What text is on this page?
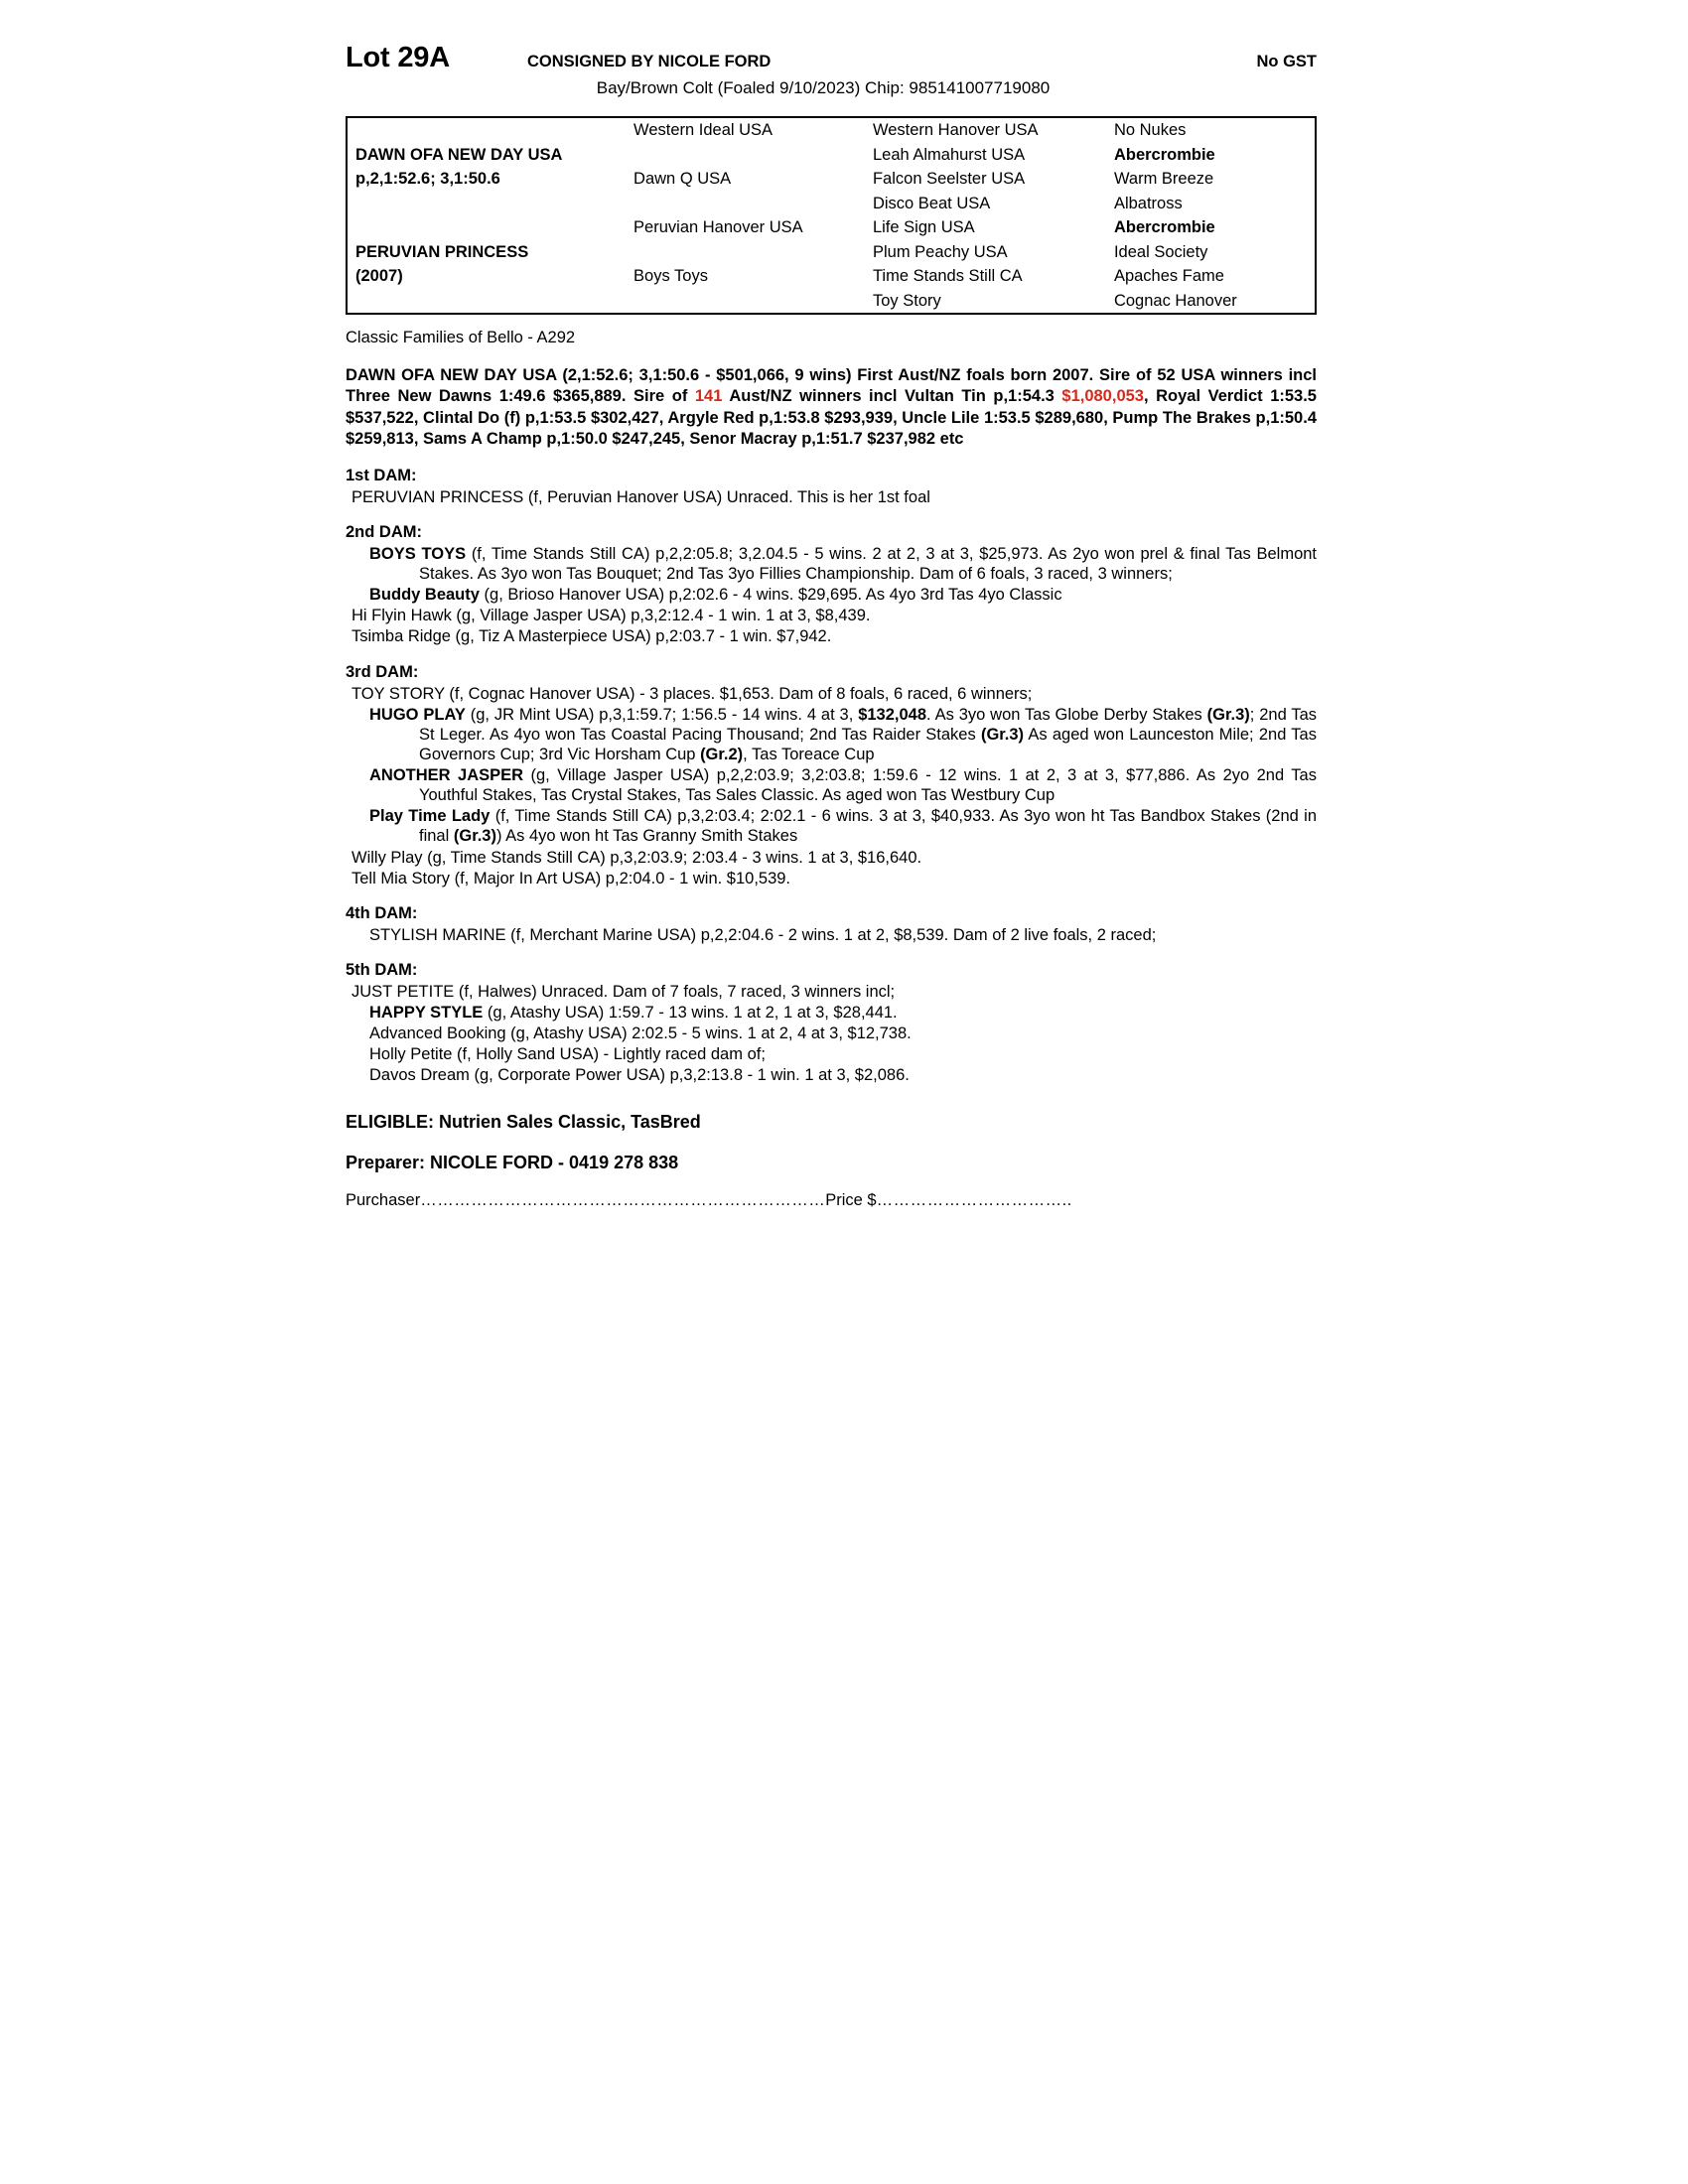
Lot 29A	CONSIGNED BY NICOLE FORD	No GST
Bay/Brown Colt (Foaled 9/10/2023) Chip: 985141007719080
	Western Ideal USA	Western Hanover USA	No Nukes
DAWN OFA NEW DAY USA		Leah Almahurst USA	Abercrombie
p,2,1:52.6; 3,1:50.6	Dawn Q USA	Falcon Seelster USA	Warm Breeze
		Disco Beat USA	Albatross
	Peruvian Hanover USA	Life Sign USA	Abercrombie
PERUVIAN PRINCESS		Plum Peachy USA	Ideal Society
(2007)	Boys Toys	Time Stands Still CA	Apaches Fame
		Toy Story	Cognac Hanover
Classic Families of Bello - A292
DAWN OFA NEW DAY USA (2,1:52.6; 3,1:50.6 - $501,066, 9 wins) First Aust/NZ foals born 2007. Sire of 52 USA winners incl Three New Dawns 1:49.6 $365,889. Sire of 141 Aust/NZ winners incl Vultan Tin p,1:54.3 $1,080,053, Royal Verdict 1:53.5 $537,522, Clintal Do (f) p,1:53.5 $302,427, Argyle Red p,1:53.8 $293,939, Uncle Lile 1:53.5 $289,680, Pump The Brakes p,1:50.4 $259,813, Sams A Champ p,1:50.0 $247,245, Senor Macray p,1:51.7 $237,982 etc
1st DAM:
PERUVIAN PRINCESS (f, Peruvian Hanover USA) Unraced. This is her 1st foal
2nd DAM:
BOYS TOYS (f, Time Stands Still CA) p,2,2:05.8; 3,2.04.5 - 5 wins. 2 at 2, 3 at 3, $25,973. As 2yo won prel & final Tas Belmont Stakes. As 3yo won Tas Bouquet; 2nd Tas 3yo Fillies Championship. Dam of 6 foals, 3 raced, 3 winners;
Buddy Beauty (g, Brioso Hanover USA) p,2:02.6 - 4 wins. $29,695. As 4yo 3rd Tas 4yo Classic
Hi Flyin Hawk (g, Village Jasper USA) p,3,2:12.4 - 1 win. 1 at 3, $8,439.
Tsimba Ridge (g, Tiz A Masterpiece USA) p,2:03.7 - 1 win. $7,942.
3rd DAM:
TOY STORY (f, Cognac Hanover USA) - 3 places. $1,653. Dam of 8 foals, 6 raced, 6 winners;
HUGO PLAY (g, JR Mint USA) p,3,1:59.7; 1:56.5 - 14 wins. 4 at 3, $132,048. As 3yo won Tas Globe Derby Stakes (Gr.3); 2nd Tas St Leger. As 4yo won Tas Coastal Pacing Thousand; 2nd Tas Raider Stakes (Gr.3) As aged won Launceston Mile; 2nd Tas Governors Cup; 3rd Vic Horsham Cup (Gr.2), Tas Toreace Cup
ANOTHER JASPER (g, Village Jasper USA) p,2,2:03.9; 3,2:03.8; 1:59.6 - 12 wins. 1 at 2, 3 at 3, $77,886. As 2yo 2nd Tas Youthful Stakes, Tas Crystal Stakes, Tas Sales Classic. As aged won Tas Westbury Cup
Play Time Lady (f, Time Stands Still CA) p,3,2:03.4; 2:02.1 - 6 wins. 3 at 3, $40,933. As 3yo won ht Tas Bandbox Stakes (2nd in final (Gr.3)) As 4yo won ht Tas Granny Smith Stakes
Willy Play (g, Time Stands Still CA) p,3,2:03.9; 2:03.4 - 3 wins. 1 at 3, $16,640.
Tell Mia Story (f, Major In Art USA) p,2:04.0 - 1 win. $10,539.
4th DAM:
STYLISH MARINE (f, Merchant Marine USA) p,2,2:04.6 - 2 wins. 1 at 2, $8,539. Dam of 2 live foals, 2 raced;
5th DAM:
JUST PETITE (f, Halwes) Unraced. Dam of 7 foals, 7 raced, 3 winners incl;
HAPPY STYLE (g, Atashy USA) 1:59.7 - 13 wins. 1 at 2, 1 at 3, $28,441.
Advanced Booking (g, Atashy USA) 2:02.5 - 5 wins. 1 at 2, 4 at 3, $12,738.
Holly Petite (f, Holly Sand USA) - Lightly raced dam of;
Davos Dream (g, Corporate Power USA) p,3,2:13.8 - 1 win. 1 at 3, $2,086.
ELIGIBLE: Nutrien Sales Classic, TasBred
Preparer: NICOLE FORD - 0419 278 838
Purchaser………………………………………………………………Price $……………………………..
